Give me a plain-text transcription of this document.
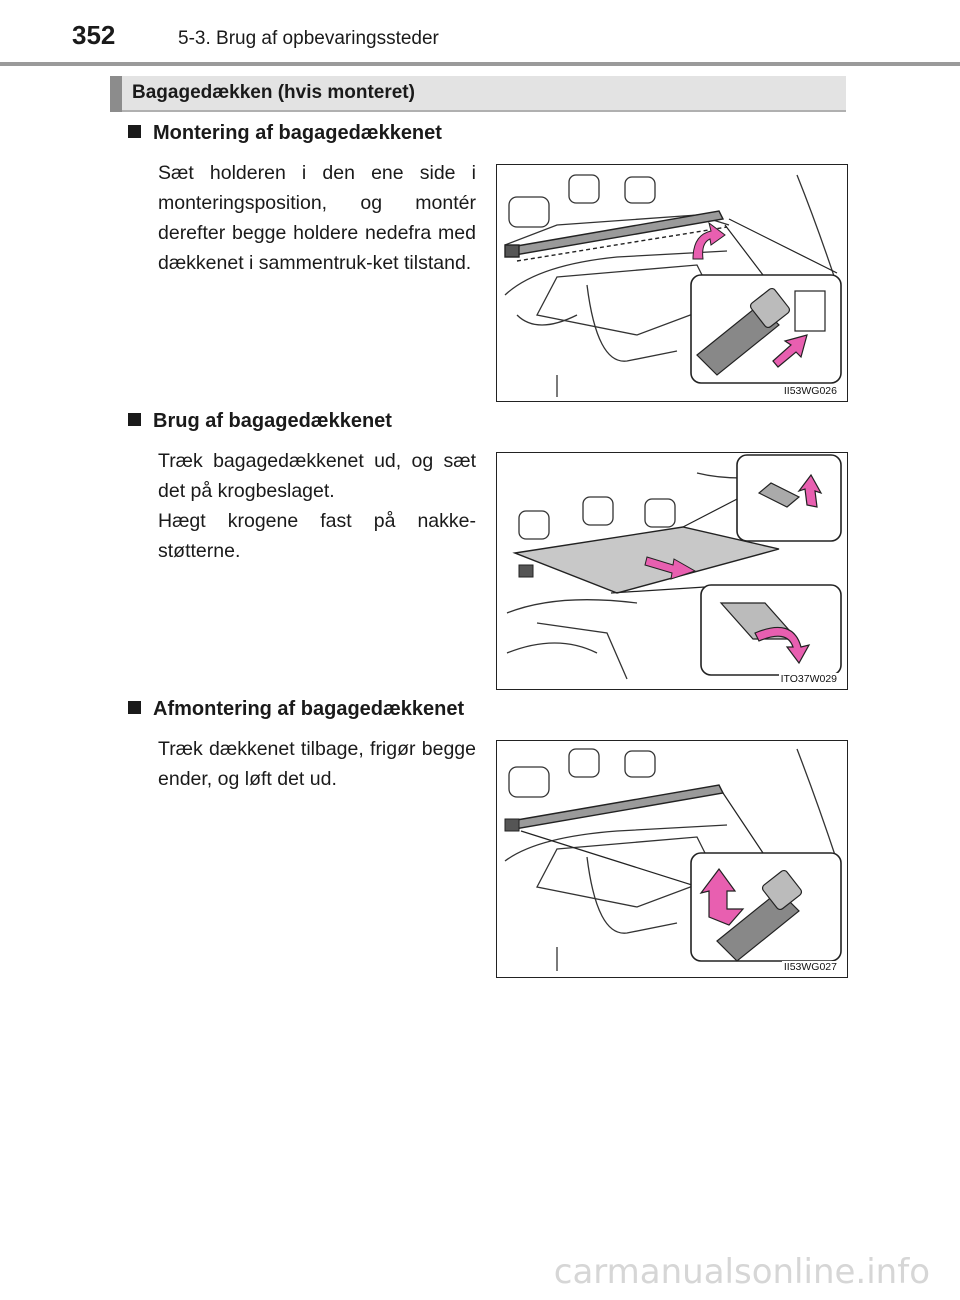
352	5-3. Brug af opbevaringssteder
Bagagedækken (hvis monteret)
Montering af bagagedækkenet

Sæt holderen i den ene side i monteringsposition, og montér derefter begge holdere nedefra med dækkenet i sammentruk-ket tilstand.

II53WG026
Brug af bagagedækkenet

Træk bagagedækkenet ud, og sæt det på krogbeslaget.

Hægt krogene fast på nakke-støtterne.

ITO37W029
Afmontering af bagagedækkenet

Træk dækkenet tilbage, frigør begge ender, og løft det ud.

II53WG027
carmanualsonline.info
